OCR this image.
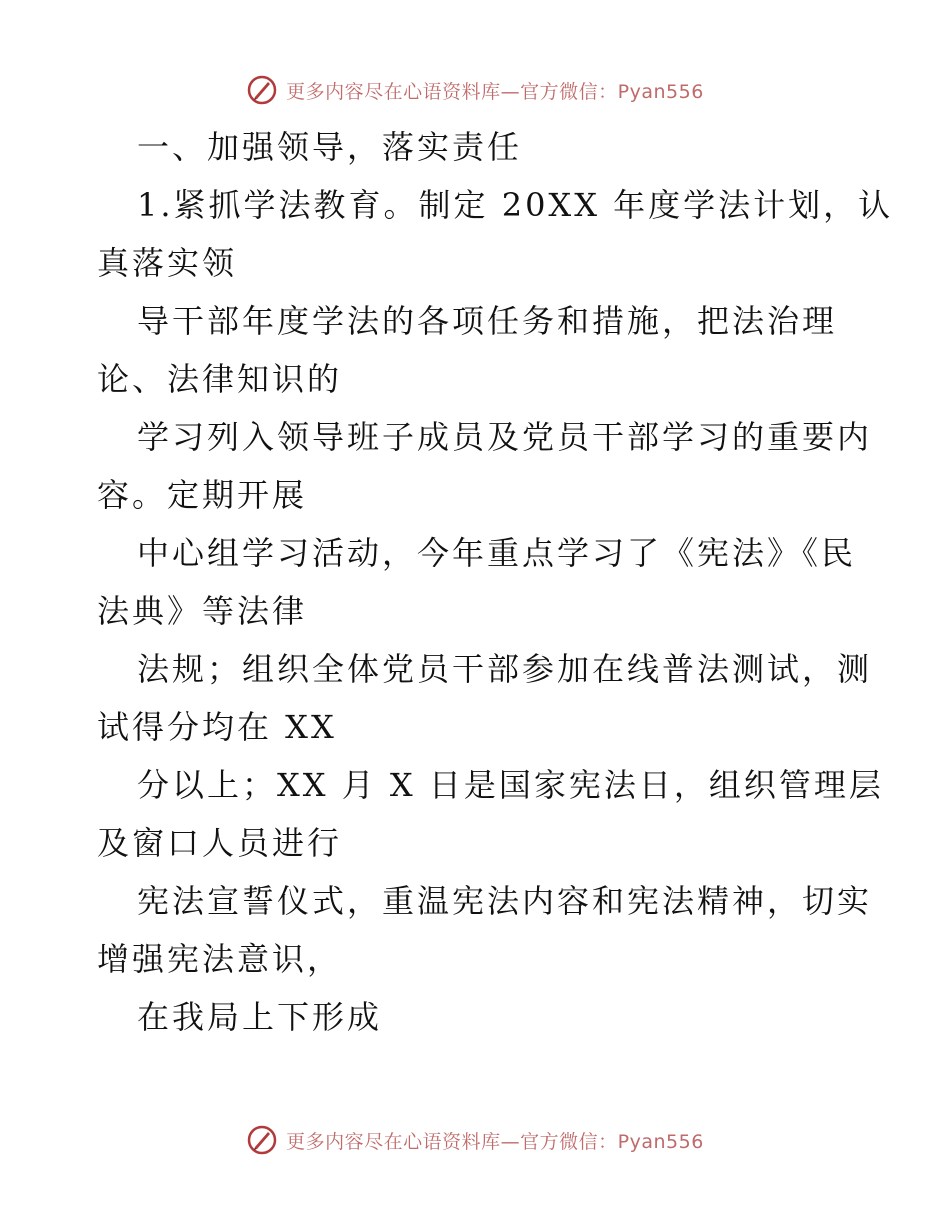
更多内容尽在心语资料库—官方微信：Pyan556
一、加强领导，落实责任
1.紧抓学法教育。制定 20XX 年度学法计划，认
真落实领
导干部年度学法的各项任务和措施，把法治理
论、法律知识的
学习列入领导班子成员及党员干部学习的重要内
容。定期开展
中心组学习活动，今年重点学习了《宪法》《民
法典》等法律
法规；组织全体党员干部参加在线普法测试，测
试得分均在 XX
分以上；XX 月 X 日是国家宪法日，组织管理层
及窗口人员进行
宪法宣誓仪式，重温宪法内容和宪法精神，切实
增强宪法意识，
在我局上下形成
更多内容尽在心语资料库—官方微信：Pyan556
